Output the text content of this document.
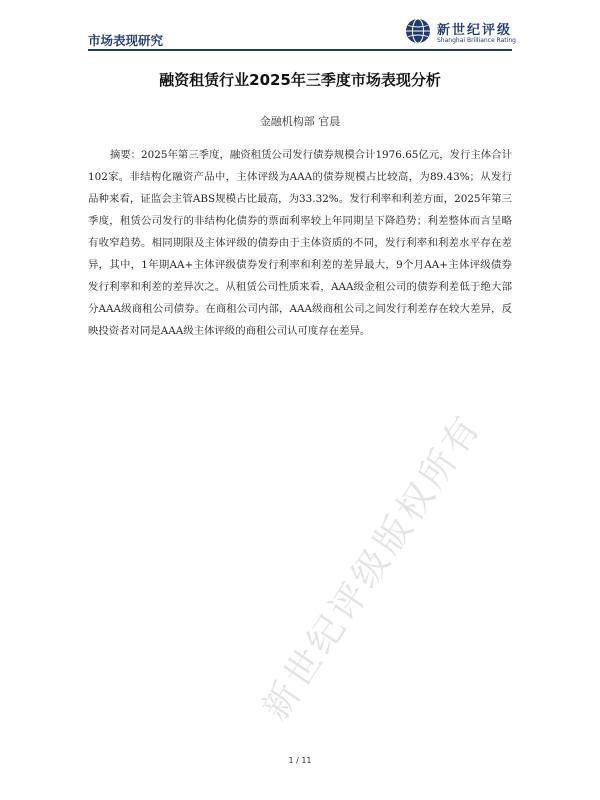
市场表现研究
新世纪评级
Shanghai Brilliance Rating
融资租赁行业2025年三季度市场表现分析
金融机构部 官晨

摘要：2025年第三季度，融资租赁公司发行债券规模合计1976.65亿元，发行主体合计102家。非结构化融资产品中，主体评级为AAA的债券规模占比较高，为89.43%；从发行品种来看，证监会主管ABS规模占比最高，为33.32%。发行利率和利差方面，2025年第三季度，租赁公司发行的非结构化债券的票面利率较上年同期呈下降趋势；利差整体而言呈略有收窄趋势。相同期限及主体评级的债券由于主体资质的不同，发行利率和利差水平存在差异，其中，1年期AA+主体评级债券发行利率和利差的差异最大，9个月AA+主体评级债券发行利率和利差的差异次之。从租赁公司性质来看，AAA级金租公司的债券利差低于绝大部分AAA级商租公司债券。在商租公司内部，AAA级商租公司之间发行利差存在较大差异，反映投资者对同是AAA级主体评级的商租公司认可度存在差异。

新世纪评级版权所有
1 / 11
